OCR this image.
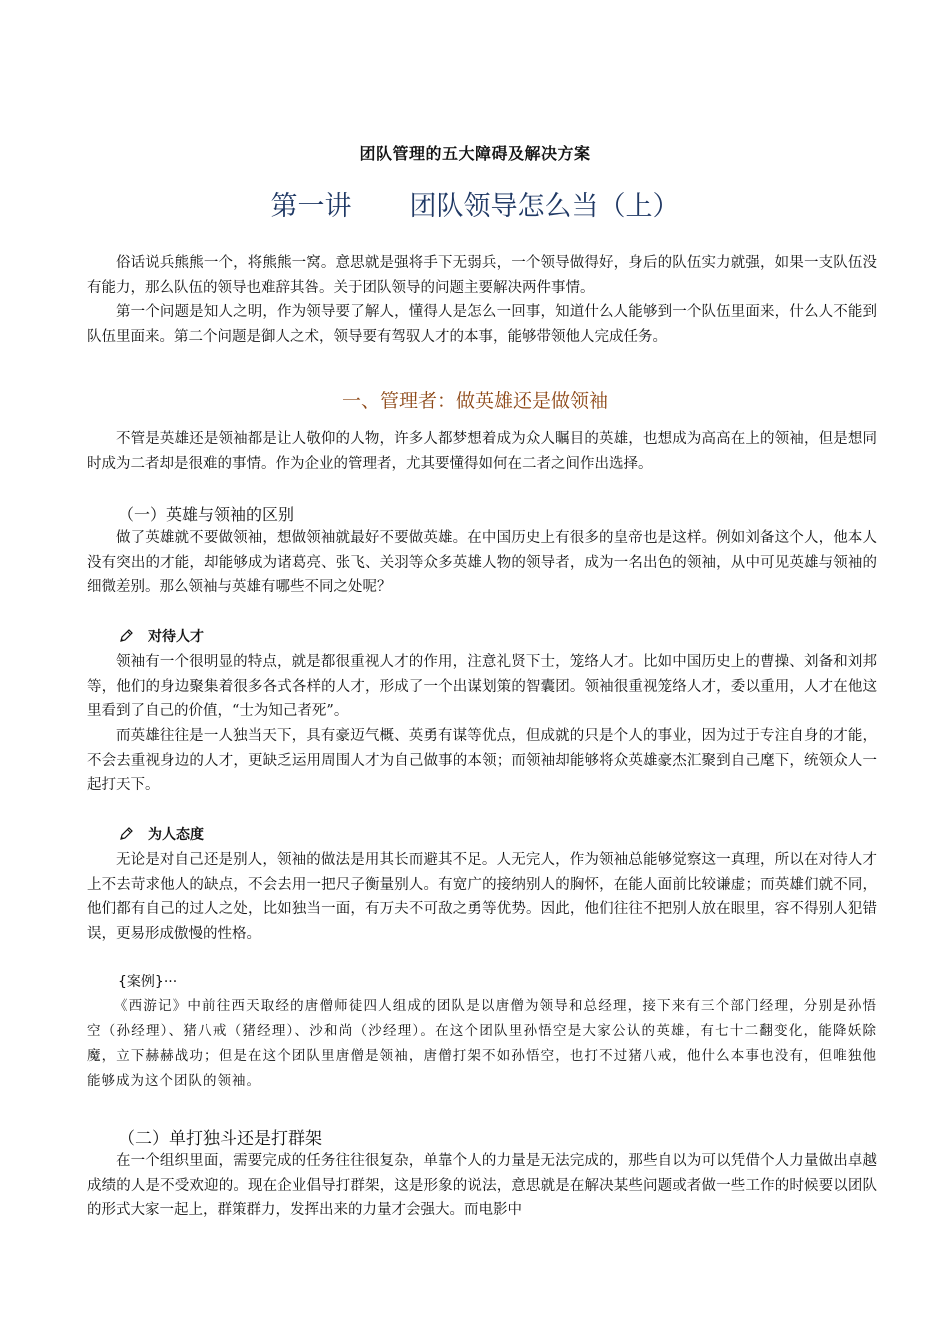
团队管理的五大障碍及解决方案
第一讲 团队领导怎么当（上）

俗话说兵熊熊一个，将熊熊一窝。意思就是强将手下无弱兵，一个领导做得好，身后的队伍实力就强，如果一支队伍没有能力，那么队伍的领导也难辞其咎。关于团队领导的问题主要解决两件事情。

第一个问题是知人之明，作为领导要了解人，懂得人是怎么一回事，知道什么人能够到一个队伍里面来，什么人不能到队伍里面来。第二个问题是御人之术，领导要有驾驭人才的本事，能够带领他人完成任务。

一、管理者：做英雄还是做领袖

不管是英雄还是领袖都是让人敬仰的人物，许多人都梦想着成为众人瞩目的英雄，也想成为高高在上的领袖，但是想同时成为二者却是很难的事情。作为企业的管理者，尤其要懂得如何在二者之间作出选择。

（一）英雄与领袖的区别

做了英雄就不要做领袖，想做领袖就最好不要做英雄。在中国历史上有很多的皇帝也是这样。例如刘备这个人，他本人没有突出的才能，却能够成为诸葛亮、张飞、关羽等众多英雄人物的领导者，成为一名出色的领袖，从中可见英雄与领袖的细微差别。那么领袖与英雄有哪些不同之处呢？

对待人才

领袖有一个很明显的特点，就是都很重视人才的作用，注意礼贤下士，笼络人才。比如中国历史上的曹操、刘备和刘邦等，他们的身边聚集着很多各式各样的人才，形成了一个出谋划策的智囊团。领袖很重视笼络人才，委以重用，人才在他这里看到了自己的价值，“士为知己者死”。

而英雄往往是一人独当天下，具有豪迈气概、英勇有谋等优点，但成就的只是个人的事业，因为过于专注自身的才能，不会去重视身边的人才，更缺乏运用周围人才为自己做事的本领；而领袖却能够将众英雄豪杰汇聚到自己麾下，统领众人一起打天下。

为人态度

无论是对自己还是别人，领袖的做法是用其长而避其不足。人无完人，作为领袖总能够觉察这一真理，所以在对待人才上不去苛求他人的缺点，不会去用一把尺子衡量别人。有宽广的接纳别人的胸怀，在能人面前比较谦虚；而英雄们就不同，他们都有自己的过人之处，比如独当一面，有万夫不可敌之勇等优势。因此，他们往往不把别人放在眼里，容不得别人犯错误，更易形成傲慢的性格。

{案例}···

《西游记》中前往西天取经的唐僧师徒四人组成的团队是以唐僧为领导和总经理，接下来有三个部门经理，分别是孙悟空（孙经理）、猪八戒（猪经理）、沙和尚（沙经理）。在这个团队里孙悟空是大家公认的英雄，有七十二翻变化，能降妖除魔，立下赫赫战功；但是在这个团队里唐僧是领袖，唐僧打架不如孙悟空，也打不过猪八戒，他什么本事也没有，但唯独他能够成为这个团队的领袖。

（二）单打独斗还是打群架

在一个组织里面，需要完成的任务往往很复杂，单靠个人的力量是无法完成的，那些自以为可以凭借个人力量做出卓越成绩的人是不受欢迎的。现在企业倡导打群架，这是形象的说法，意思就是在解决某些问题或者做一些工作的时候要以团队的形式大家一起上，群策群力，发挥出来的力量才会强大。而电影中
